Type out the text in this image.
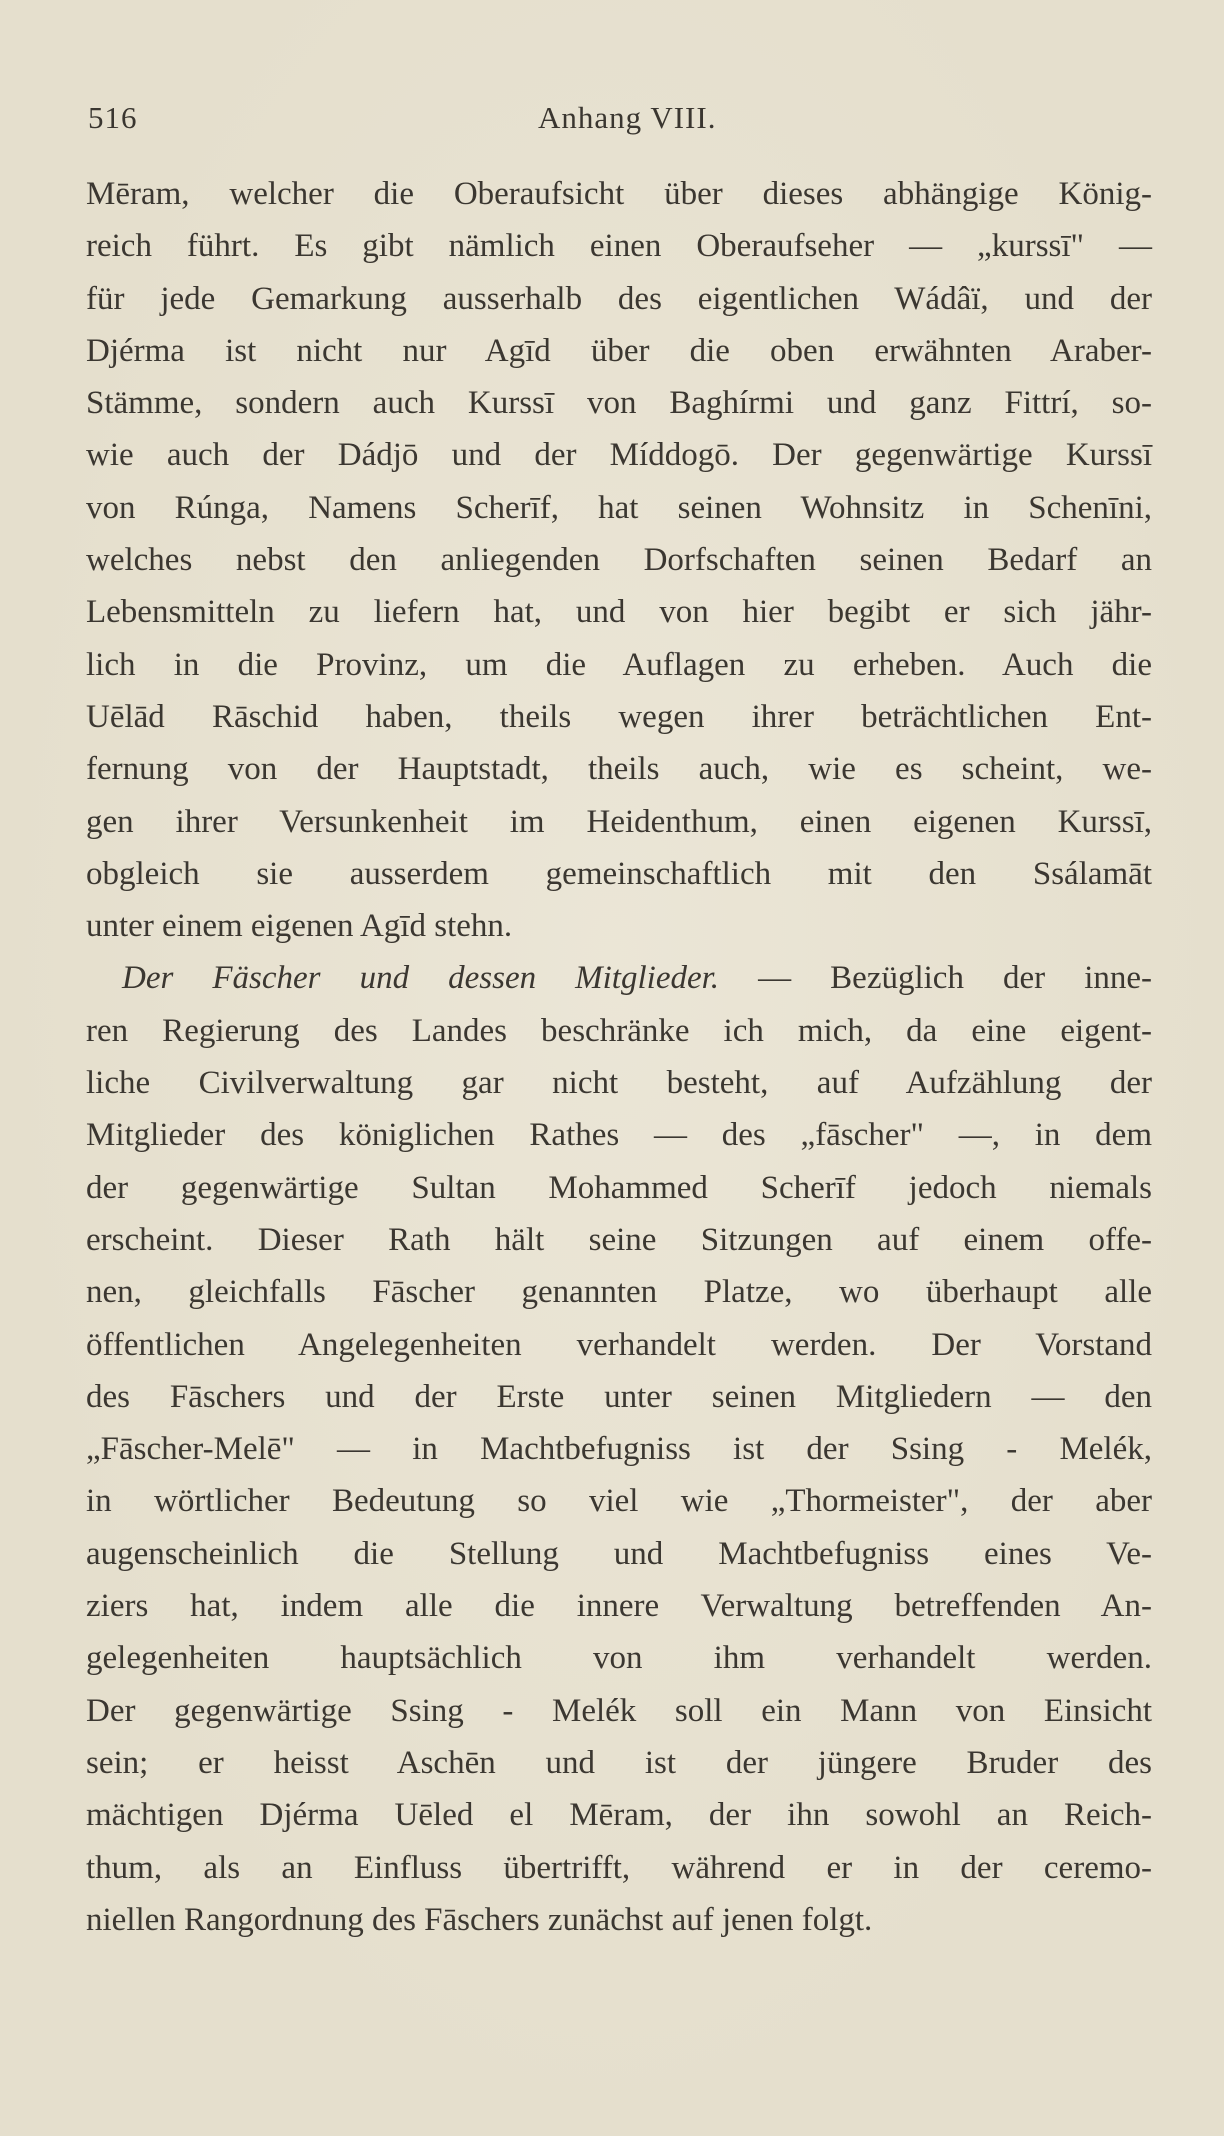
516	Anhang VIII.
Mēram, welcher die Oberaufsicht über dieses abhängige König-
reich führt. Es gibt nämlich einen Oberaufseher — „kurssī" —
für jede Gemarkung ausserhalb des eigentlichen Wádâï, und der
Djérma ist nicht nur Agīd über die oben erwähnten Araber-
Stämme, sondern auch Kurssī von Baghírmi und ganz Fittrí, so-
wie auch der Dádjō und der Míddogō. Der gegenwärtige Kurssī
von Rúnga, Namens Scherīf, hat seinen Wohnsitz in Schenīni,
welches nebst den anliegenden Dorfschaften seinen Bedarf an
Lebensmitteln zu liefern hat, und von hier begibt er sich jähr-
lich in die Provinz, um die Auflagen zu erheben. Auch die
Uēlād Rāschid haben, theils wegen ihrer beträchtlichen Ent-
fernung von der Hauptstadt, theils auch, wie es scheint, we-
gen ihrer Versunkenheit im Heidenthum, einen eigenen Kurssī,
obgleich sie ausserdem gemeinschaftlich mit den Ssálamāt
unter einem eigenen Agīd stehn.
Der Fäscher und dessen Mitglieder. — Bezüglich der inne-
ren Regierung des Landes beschränke ich mich, da eine eigent-
liche Civilverwaltung gar nicht besteht, auf Aufzählung der
Mitglieder des königlichen Rathes — des „fāscher" —, in dem
der gegenwärtige Sultan Mohammed Scherīf jedoch niemals
erscheint. Dieser Rath hält seine Sitzungen auf einem offe-
nen, gleichfalls Fāscher genannten Platze, wo überhaupt alle
öffentlichen Angelegenheiten verhandelt werden. Der Vorstand
des Fāschers und der Erste unter seinen Mitgliedern — den
„Fāscher-Melē" — in Machtbefugniss ist der Ssing - Melék,
in wörtlicher Bedeutung so viel wie „Thormeister", der aber
augenscheinlich die Stellung und Machtbefugniss eines Ve-
ziers hat, indem alle die innere Verwaltung betreffenden An-
gelegenheiten hauptsächlich von ihm verhandelt werden.
Der gegenwärtige Ssing - Melék soll ein Mann von Einsicht
sein; er heisst Aschēn und ist der jüngere Bruder des
mächtigen Djérma Uēled el Mēram, der ihn sowohl an Reich-
thum, als an Einfluss übertrifft, während er in der ceremo-
niellen Rangordnung des Fāschers zunächst auf jenen folgt.
